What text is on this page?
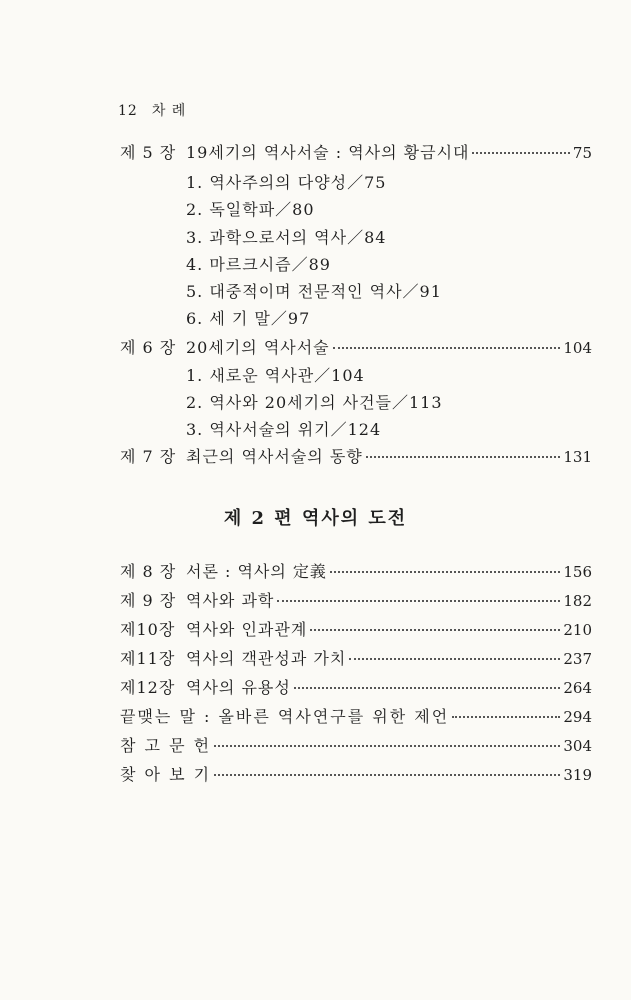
12 차 례
제 5 장 19세기의 역사서술 : 역사의 황금시대	75
1. 역사주의의 다양성／75
2. 독일학파／80
3. 과학으로서의 역사／84
4. 마르크시즘／89
5. 대중적이며 전문적인 역사／91
6. 세 기 말／97
제 6 장 20세기의 역사서술	104
1. 새로운 역사관／104
2. 역사와 20세기의 사건들／113
3. 역사서술의 위기／124
제 7 장 최근의 역사서술의 동향	131
제 2 편 역사의 도전
제 8 장 서론 : 역사의 定義	156
제 9 장 역사와 과학	182
제10장 역사와 인과관계	210
제11장 역사의 객관성과 가치	237
제12장 역사의 유용성	264
끝맺는 말 : 올바른 역사연구를 위한 제언	294
참 고 문 헌	304
찾 아 보 기	319
